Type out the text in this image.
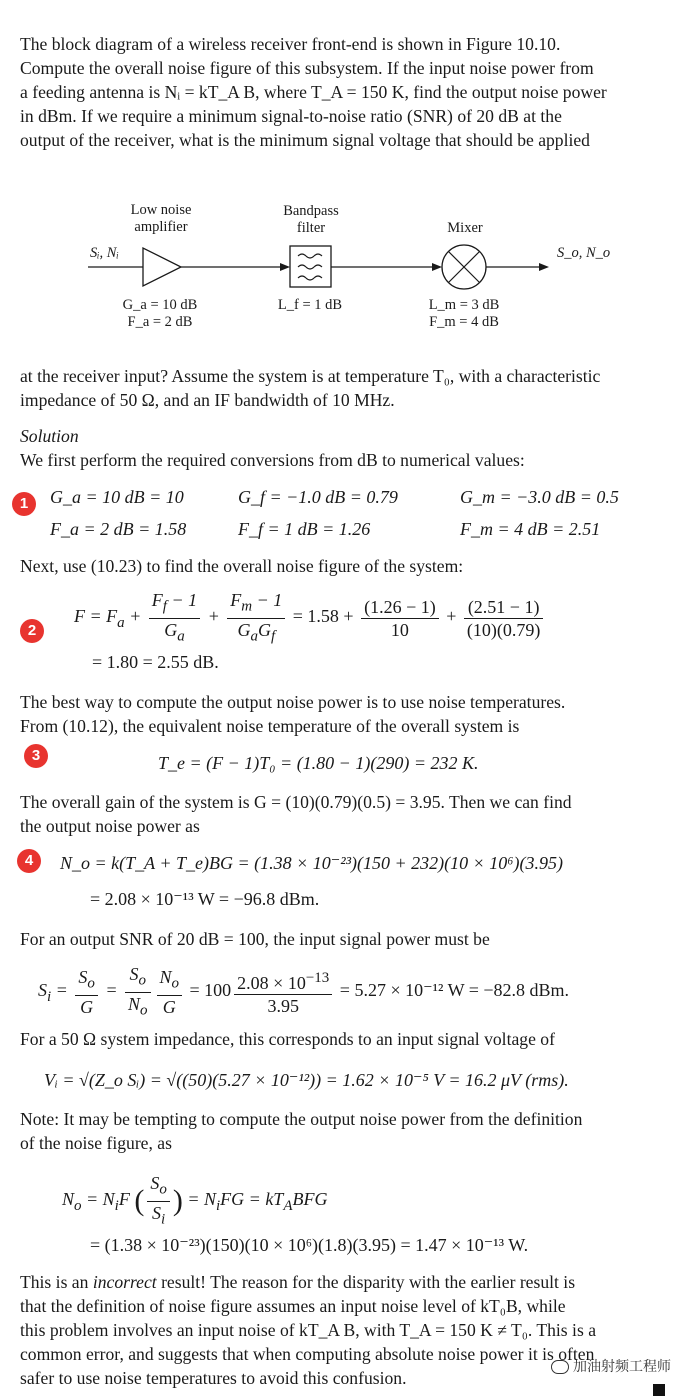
The block diagram of a wireless receiver front-end is shown in Figure 10.10.
Compute the overall noise figure of this subsystem. If the input noise power from
a feeding antenna is Nᵢ = kT_A B, where T_A = 150 K, find the output noise power
in dBm. If we require a minimum signal-to-noise ratio (SNR) of 20 dB at the
output of the receiver, what is the minimum signal voltage that should be applied
Low noise
amplifier
Bandpass
filter	Mixer
Sᵢ, Nᵢ	S_o, N_o
G_a = 10 dB
F_a = 2 dB
L_f = 1 dB	L_m = 3 dB
F_m = 4 dB
at the receiver input? Assume the system is at temperature T₀, with a characteristic
impedance of 50 Ω, and an IF bandwidth of 10 MHz.
Solution
We first perform the required conversions from dB to numerical values:
1	G_a = 10 dB = 10	G_f = −1.0 dB = 0.79	G_m = −3.0 dB = 0.5
F_a = 2 dB = 1.58	F_f = 1 dB = 1.26	F_m = 4 dB = 2.51
Next, use (10.23) to find the overall noise figure of the system:
2
$F = F_a + \frac{F_f - 1}{G_a} + \frac{F_m - 1}{G_aG_f} = 1.58 + \frac{(1.26 - 1)}{10} + \frac{(2.51 - 1)}{(10)(0.79)}$
= 1.80 = 2.55 dB.
The best way to compute the output noise power is to use noise temperatures.
From (10.12), the equivalent noise temperature of the overall system is
3	T_e = (F − 1)T₀ = (1.80 − 1)(290) = 232 K.
The overall gain of the system is G = (10)(0.79)(0.5) = 3.95. Then we can find
the output noise power as
4	N_o = k(T_A + T_e)BG = (1.38 × 10⁻²³)(150 + 232)(10 × 10⁶)(3.95)
= 2.08 × 10⁻¹³ W = −96.8 dBm.
For an output SNR of 20 dB = 100, the input signal power must be
$S_i = \frac{S_o}{G} = \frac{S_o}{N_o} \frac{N_o}{G} = 100 \frac{2.08 \times 10^{-13}}{3.95} = 5.27 \times 10^{-12}$ W = −82.8 dBm.
For a 50 Ω system impedance, this corresponds to an input signal voltage of
Vᵢ = √(Z_o Sᵢ) = √((50)(5.27 × 10⁻¹²)) = 1.62 × 10⁻⁵ V = 16.2 μV (rms).
Note: It may be tempting to compute the output noise power from the definition
of the noise figure, as
$N_o = N_iF$ ( $\frac{S_o}{S_i}$ ) = $N_iFG = kT_ABFG$
= (1.38 × 10⁻²³)(150)(10 × 10⁶)(1.8)(3.95) = 1.47 × 10⁻¹³ W.
This is an incorrect result! The reason for the disparity with the earlier result is
that the definition of noise figure assumes an input noise level of kT₀B, while
this problem involves an input noise of kT_A B, with T_A = 150 K ≠ T₀. This is a
common error, and suggests that when computing absolute noise power it is often
safer to use noise temperatures to avoid this confusion.
加油射频工程师
